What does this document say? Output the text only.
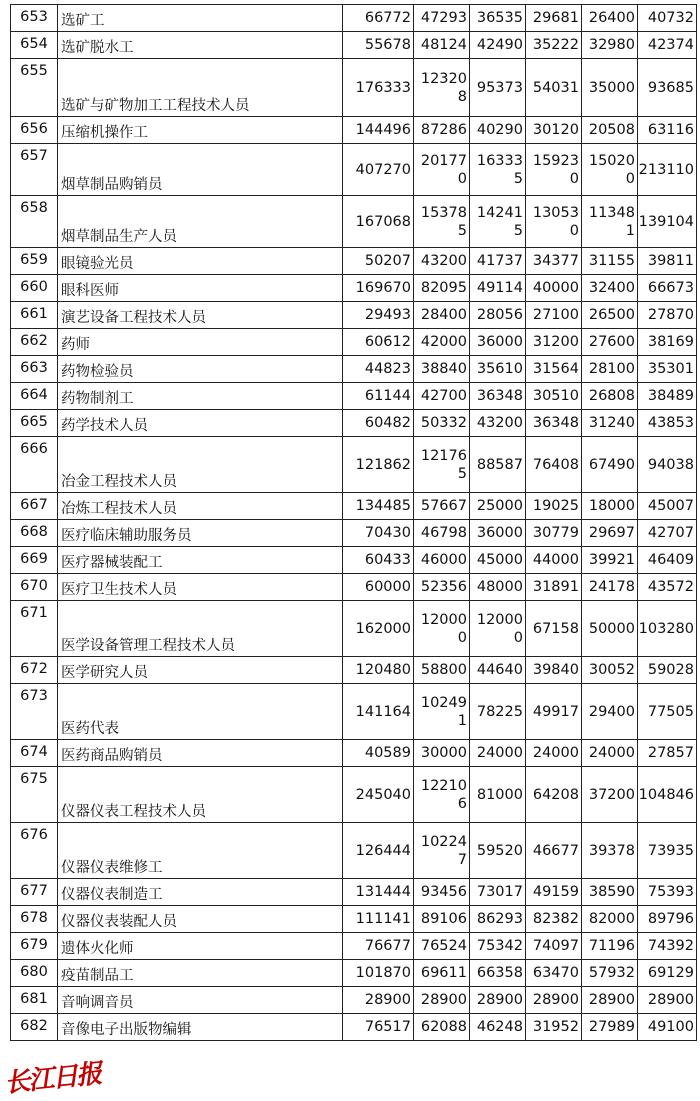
653	选矿工	66772	47293	36535	29681	26400	40732
654	选矿脱水工	55678	48124	42490	35222	32980	42374
655	选矿与矿物加工工程技术人员	176333	123208	95373	54031	35000	93685
656	压缩机操作工	144496	87286	40290	30120	20508	63116
657	烟草制品购销员	407270	201770	163335	159230	150200	213110
658	烟草制品生产人员	167068	153785	142415	130530	113481	139104
659	眼镜验光员	50207	43200	41737	34377	31155	39811
660	眼科医师	169670	82095	49114	40000	32400	66673
661	演艺设备工程技术人员	29493	28400	28056	27100	26500	27870
662	药师	60612	42000	36000	31200	27600	38169
663	药物检验员	44823	38840	35610	31564	28100	35301
664	药物制剂工	61144	42700	36348	30510	26808	38489
665	药学技术人员	60482	50332	43200	36348	31240	43853
666	冶金工程技术人员	121862	121765	88587	76408	67490	94038
667	冶炼工程技术人员	134485	57667	25000	19025	18000	45007
668	医疗临床辅助服务员	70430	46798	36000	30779	29697	42707
669	医疗器械装配工	60433	46000	45000	44000	39921	46409
670	医疗卫生技术人员	60000	52356	48000	31891	24178	43572
671	医学设备管理工程技术人员	162000	120000	120000	67158	50000	103280
672	医学研究人员	120480	58800	44640	39840	30052	59028
673	医药代表	141164	102491	78225	49917	29400	77505
674	医药商品购销员	40589	30000	24000	24000	24000	27857
675	仪器仪表工程技术人员	245040	122106	81000	64208	37200	104846
676	仪器仪表维修工	126444	102247	59520	46677	39378	73935
677	仪器仪表制造工	131444	93456	73017	49159	38590	75393
678	仪器仪表装配人员	111141	89106	86293	82382	82000	89796
679	遗体火化师	76677	76524	75342	74097	71196	74392
680	疫苗制品工	101870	69611	66358	63470	57932	69129
681	音响调音员	28900	28900	28900	28900	28900	28900
682	音像电子出版物编辑	76517	62088	46248	31952	27989	49100
长江日报
